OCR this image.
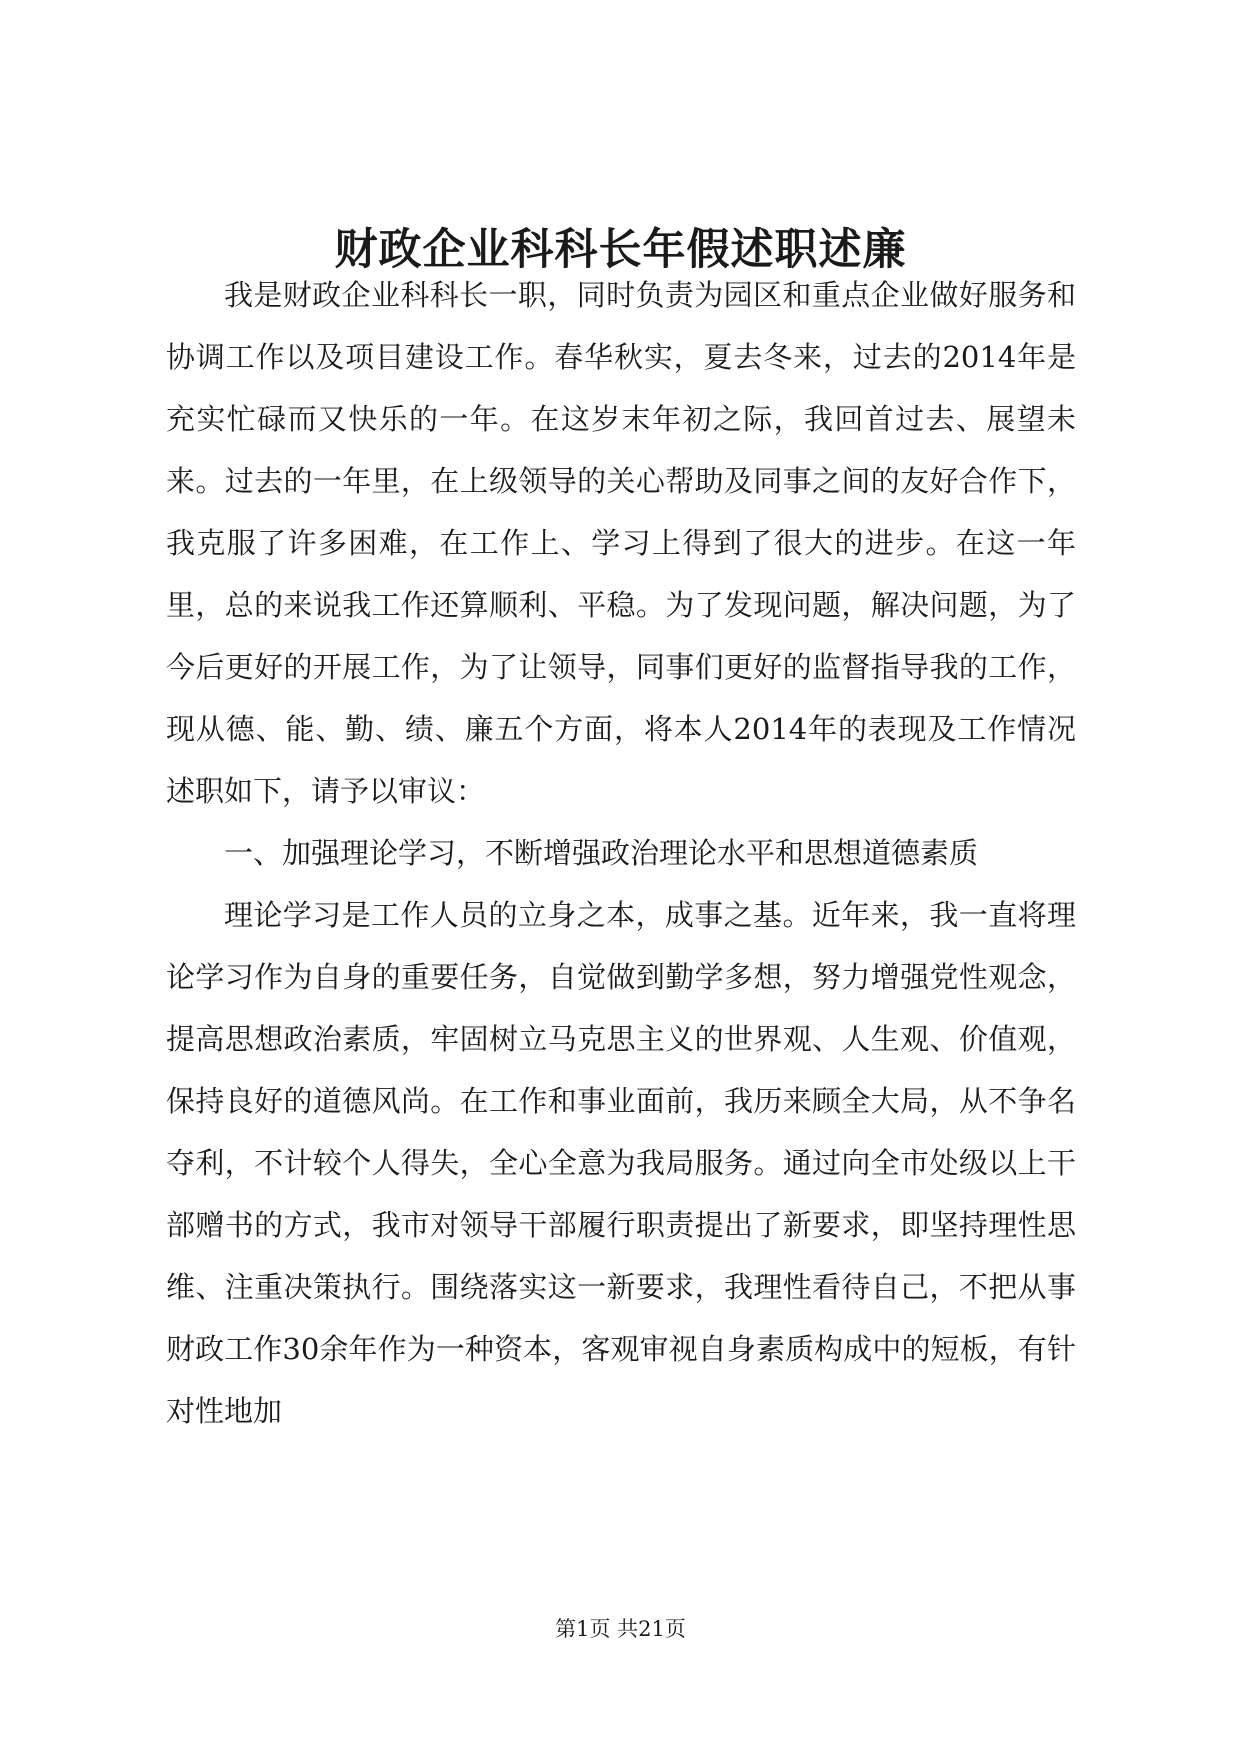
财政企业科科长年假述职述廉

我是财政企业科科长一职，同时负责为园区和重点企业做好服务和协调工作以及项目建设工作。春华秋实，夏去冬来，过去的2014年是充实忙碌而又快乐的一年。在这岁末年初之际，我回首过去、展望未来。过去的一年里，在上级领导的关心帮助及同事之间的友好合作下，我克服了许多困难，在工作上、学习上得到了很大的进步。在这一年里，总的来说我工作还算顺利、平稳。为了发现问题，解决问题，为了今后更好的开展工作，为了让领导，同事们更好的监督指导我的工作，现从德、能、勤、绩、廉五个方面，将本人2014年的表现及工作情况述职如下，请予以审议：

一、加强理论学习，不断增强政治理论水平和思想道德素质

理论学习是工作人员的立身之本，成事之基。近年来，我一直将理论学习作为自身的重要任务，自觉做到勤学多想，努力增强党性观念，提高思想政治素质，牢固树立马克思主义的世界观、人生观、价值观，保持良好的道德风尚。在工作和事业面前，我历来顾全大局，从不争名夺利，不计较个人得失，全心全意为我局服务。通过向全市处级以上干部赠书的方式，我市对领导干部履行职责提出了新要求，即坚持理性思维、注重决策执行。围绕落实这一新要求，我理性看待自己，不把从事财政工作30余年作为一种资本，客观审视自身素质构成中的短板，有针对性地加

第1页 共21页
